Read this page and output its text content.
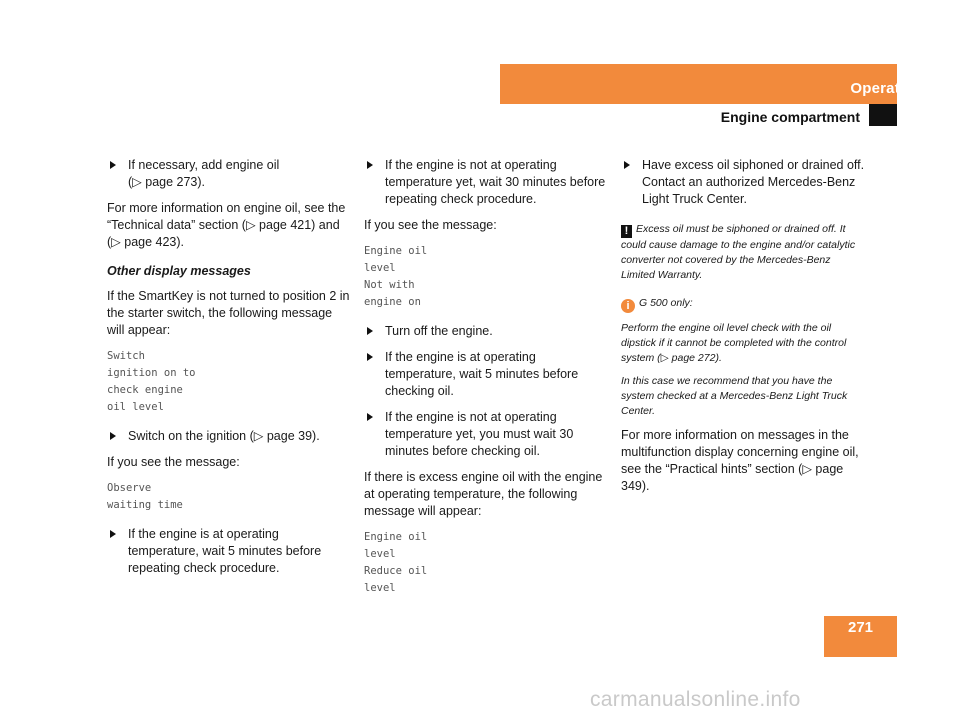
Operation
Engine compartment
If necessary, add engine oil
(▷ page 273).

For more information on engine oil, see the “Technical data” section (▷ page 421) and (▷ page 423).

Other display messages

If the SmartKey is not turned to position 2 in the starter switch, the following message will appear:

Switch
ignition on to
check engine
oil level
Switch on the ignition (▷ page 39).

If you see the message:

Observe
waiting time
If the engine is at operating temperature, wait 5 minutes before repeating check procedure.
If the engine is not at operating temperature yet, wait 30 minutes before repeating check procedure.

If you see the message:

Engine oil
level
Not with
engine on
Turn off the engine.
If the engine is at operating temperature, wait 5 minutes before checking oil.
If the engine is not at operating temperature yet, you must wait 30 minutes before checking oil.

If there is excess engine oil with the engine at operating temperature, the following message will appear:

Engine oil
level
Reduce oil
level
Have excess oil siphoned or drained off. Contact an authorized Mercedes-Benz Light Truck Center.
! Excess oil must be siphoned or drained off. It could cause damage to the engine and/or catalytic converter not covered by the Mercedes-Benz Limited Warranty.
i G 500 only:
Perform the engine oil level check with the oil dipstick if it cannot be completed with the control system (▷ page 272).
In this case we recommend that you have the system checked at a Mercedes-Benz Light Truck Center.

For more information on messages in the multifunction display concerning engine oil, see the “Practical hints” section (▷ page 349).

271
carmanualsonline.info
